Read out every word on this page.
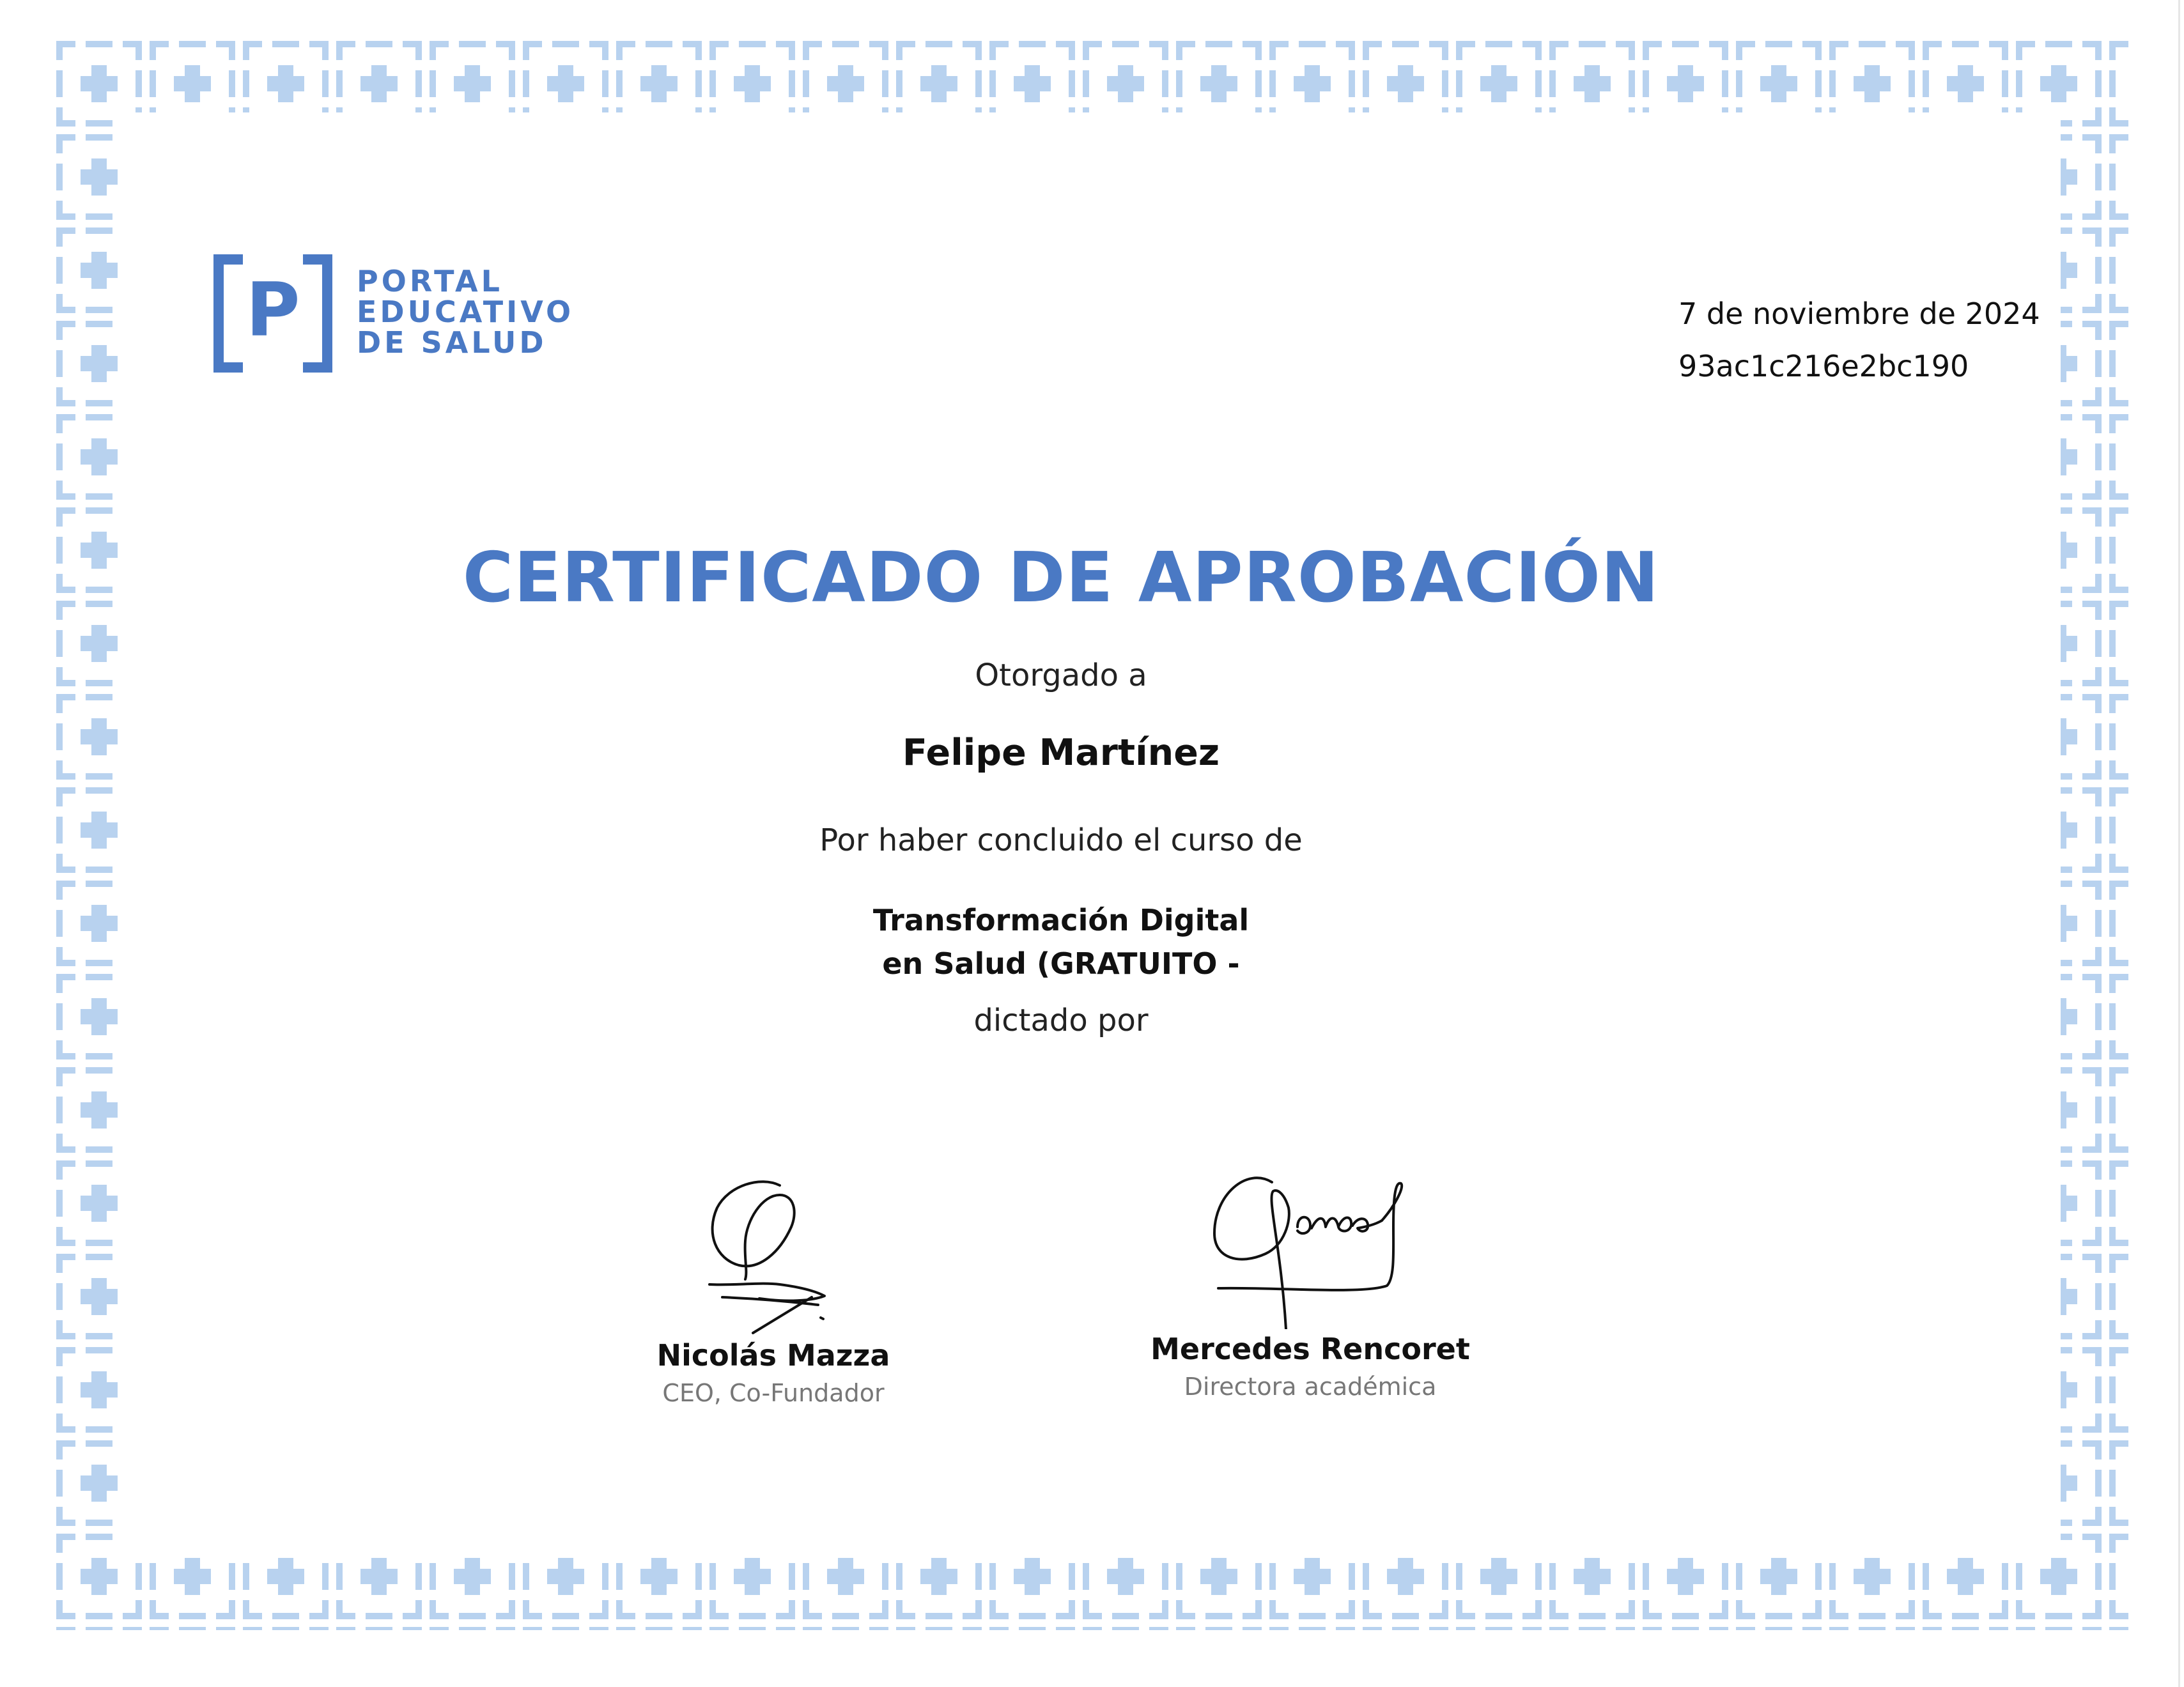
P PORTAL
EDUCATIVO
DE SALUD
7 de noviembre de 2024
93ac1c216e2bc190
CERTIFICADO DE APROBACIÓN
Otorgado a
Felipe Martínez
Por haber concluido el curso de
Transformación Digital
en Salud (GRATUITO -
dictado por
Nicolás Mazza
CEO, Co-Fundador
Mercedes Rencoret
Directora académica
